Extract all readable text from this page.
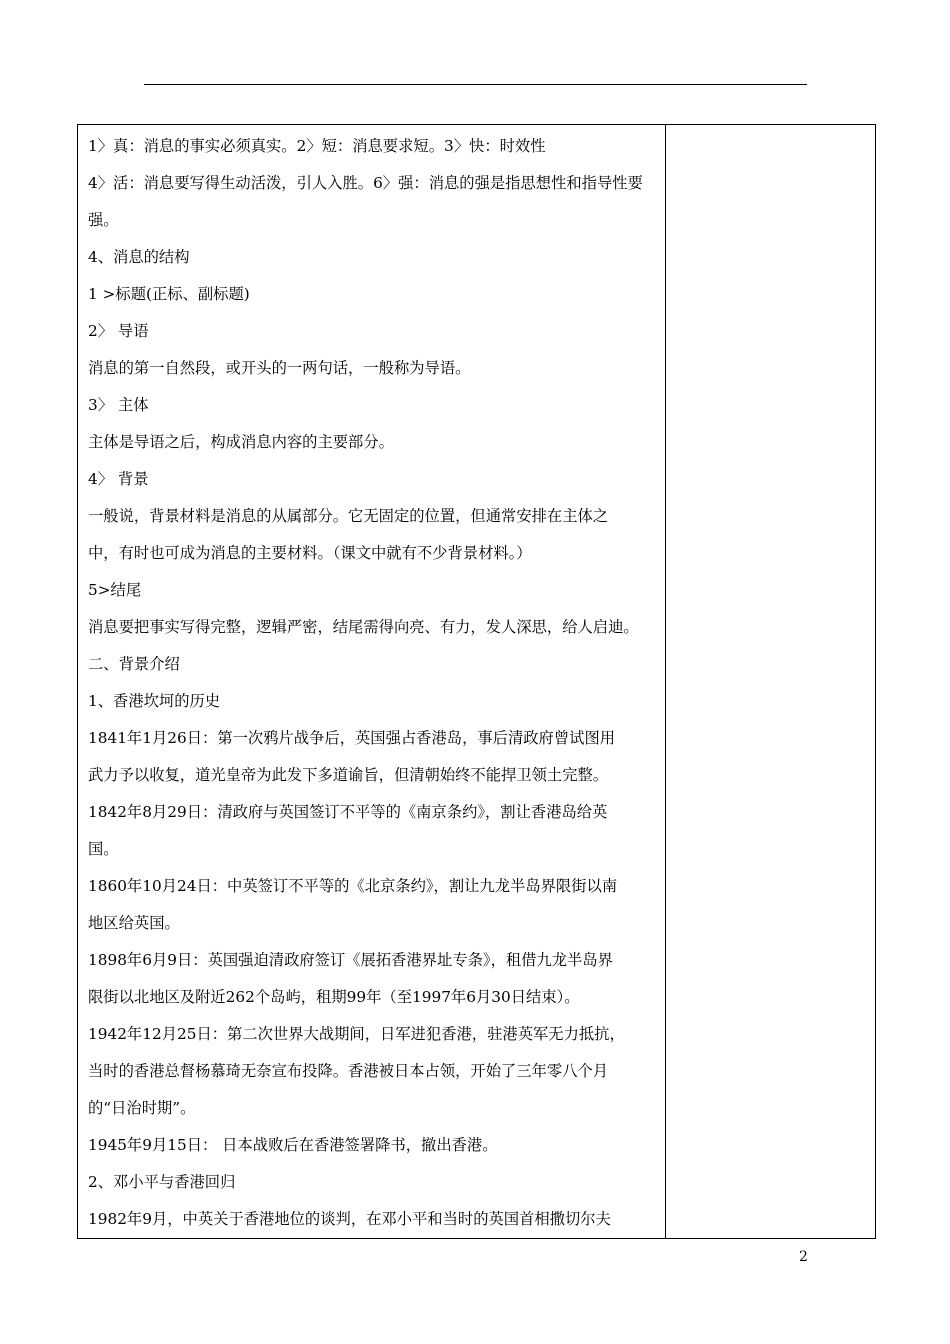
1〉真：消息的事实必须真实。2〉短：消息要求短。3〉快：时效性
4〉活：消息要写得生动活泼，引人入胜。6〉强：消息的强是指思想性和指导性要
强。
4、消息的结构
1 >标题(正标、副标题)
2〉 导语
消息的第一自然段，或开头的一两句话，一般称为导语。
3〉 主体
主体是导语之后，构成消息内容的主要部分。
4〉 背景
一般说，背景材料是消息的从属部分。它无固定的位置，但通常安排在主体之
中，有时也可成为消息的主要材料。（课文中就有不少背景材料。）
5>结尾
消息要把事实写得完整，逻辑严密，结尾需得向亮、有力，发人深思，给人启迪。
二、背景介绍
1、香港坎坷的历史
1841年1月26日：第一次鸦片战争后，英国强占香港岛，事后清政府曾试图用
武力予以收复，道光皇帝为此发下多道谕旨，但清朝始终不能捍卫领土完整。
1842年8月29日：清政府与英国签订不平等的《南京条约》，割让香港岛给英
国。
1860年10月24日：中英签订不平等的《北京条约》，割让九龙半岛界限街以南
地区给英国。
1898年6月9日：英国强迫清政府签订《展拓香港界址专条》，租借九龙半岛界
限街以北地区及附近262个岛屿，租期99年（至1997年6月30日结束）。
1942年12月25日：第二次世界大战期间，日军进犯香港，驻港英军无力抵抗，
当时的香港总督杨慕琦无奈宣布投降。香港被日本占领，开始了三年零八个月
的“日治时期”。
1945年9月15日： 日本战败后在香港签署降书，撤出香港。
2、邓小平与香港回归
1982年9月，中英关于香港地位的谈判，在邓小平和当时的英国首相撒切尔夫

2
